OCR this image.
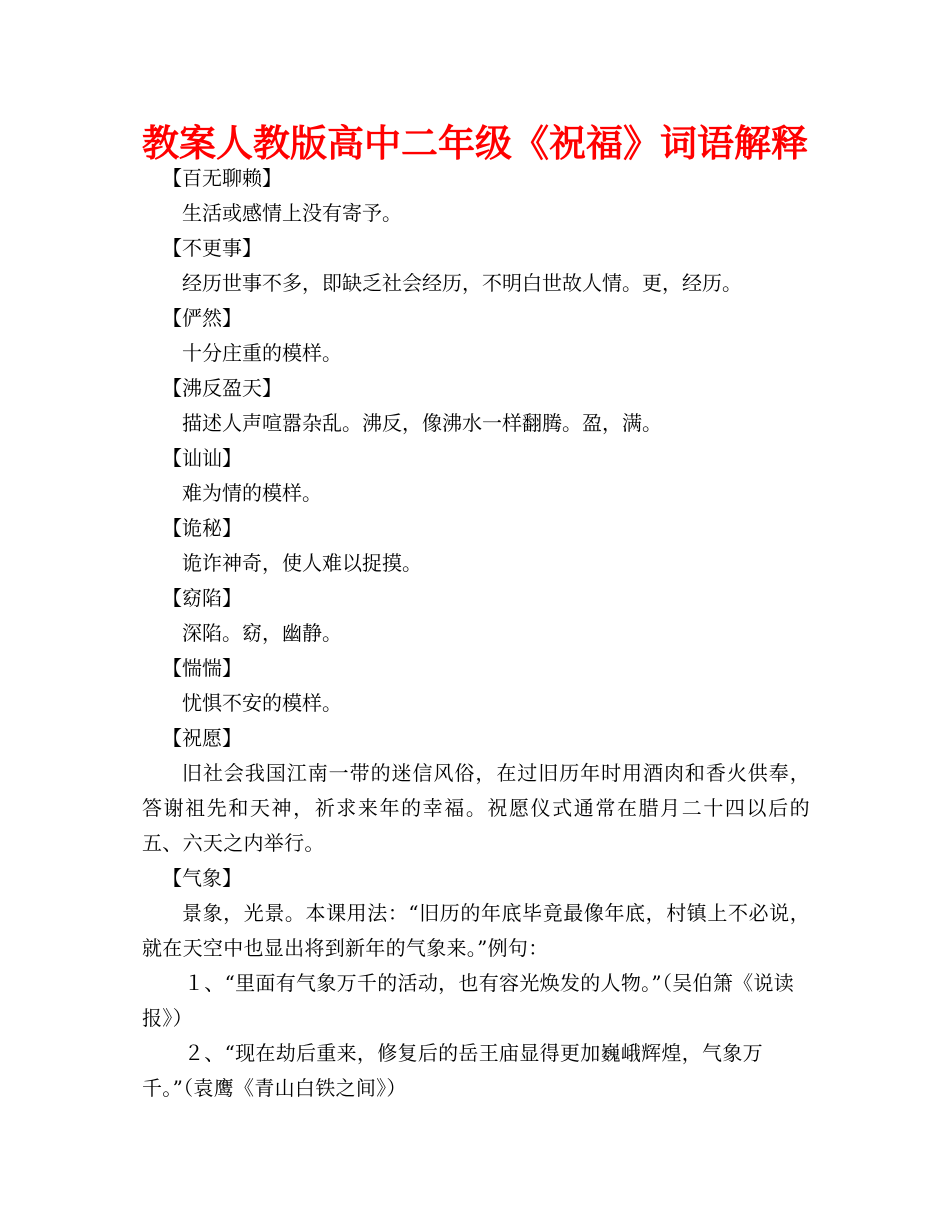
教案人教版高中二年级《祝福》词语解释
【百无聊赖】
生活或感情上没有寄予。
【不更事】
经历世事不多，即缺乏社会经历，不明白世故人情。更，经历。
【俨然】
十分庄重的模样。
【沸反盈天】
描述人声喧嚣杂乱。沸反，像沸水一样翻腾。盈，满。
【讪讪】
难为情的模样。
【诡秘】
诡诈神奇，使人难以捉摸。
【窈陷】
深陷。窈，幽静。
【惴惴】
忧惧不安的模样。
【祝愿】
旧社会我国江南一带的迷信风俗，在过旧历年时用酒肉和香火供奉，答谢祖先和天神，祈求来年的幸福。祝愿仪式通常在腊月二十四以后的五、六天之内举行。
【气象】
景象，光景。本课用法：“旧历的年底毕竟最像年底，村镇上不必说，就在天空中也显出将到新年的气象来。”例句：
１、“里面有气象万千的活动，也有容光焕发的人物。”（吴伯箫《说读报》）
２、“现在劫后重来，修复后的岳王庙显得更加巍峨辉煌，气象万千。”（袁鹰《青山白铁之间》）
